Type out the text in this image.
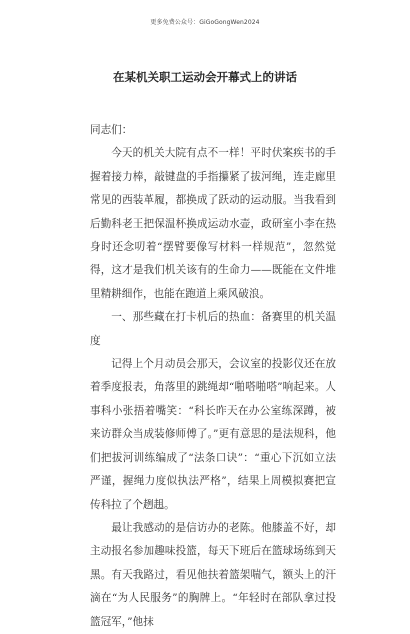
更多免费公众号：GiGoGongWen2024
在某机关职工运动会开幕式上的讲话

同志们：

今天的机关大院有点不一样！平时伏案疾书的手握着接力棒，敲键盘的手指攥紧了拔河绳，连走廊里常见的西装革履，都换成了跃动的运动服。当我看到后勤科老王把保温杯换成运动水壶，政研室小李在热身时还念叨着“摆臂要像写材料一样规范”，忽然觉得，这才是我们机关该有的生命力——既能在文件堆里精耕细作，也能在跑道上乘风破浪。

一、那些藏在打卡机后的热血：备赛里的机关温度

记得上个月动员会那天，会议室的投影仪还在放着季度报表，角落里的跳绳却“啪嗒啪嗒”响起来。人事科小张捂着嘴笑：“科长昨天在办公室练深蹲，被来访群众当成装修师傅了。”更有意思的是法规科，他们把拔河训练编成了“法条口诀”：“重心下沉如立法严谨，握绳力度似执法严格”，结果上周模拟赛把宣传科拉了个趔趄。

最让我感动的是信访办的老陈。他膝盖不好，却主动报名参加趣味投篮，每天下班后在篮球场练到天黑。有天我路过，看见他扶着篮架喘气，额头上的汗滴在“为人民服务”的胸牌上。“年轻时在部队拿过投篮冠军，”他抹
